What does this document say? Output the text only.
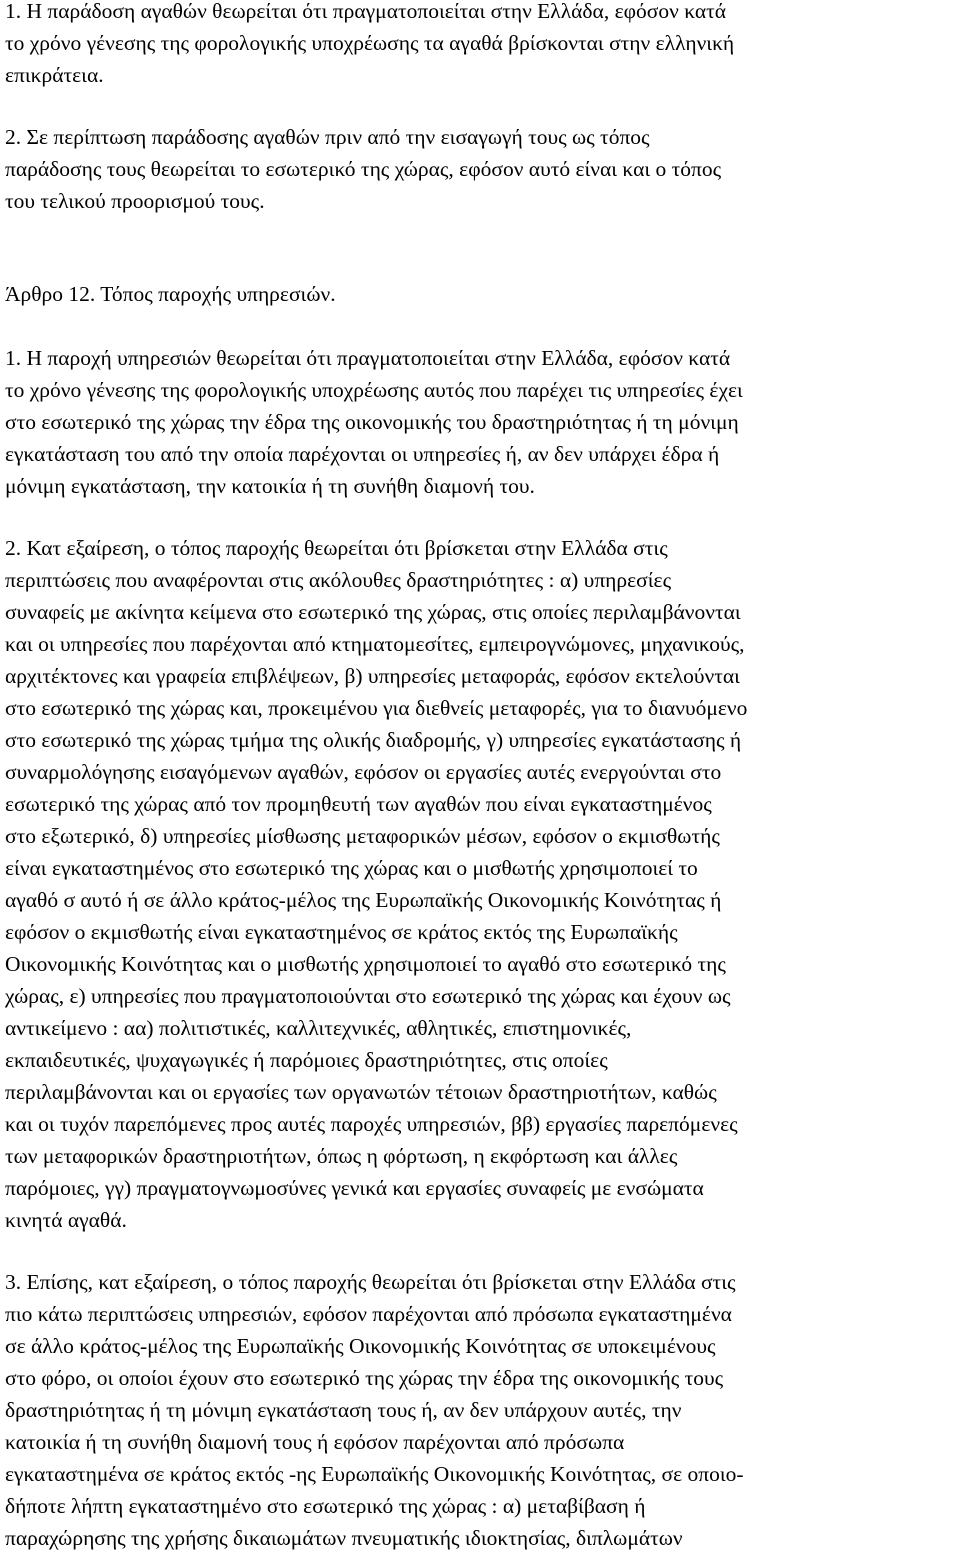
1. Η παράδοση αγαθών θεωρείται ότι πραγματοποιείται στην Ελλάδα, εφόσον κατά
το χρόνο γένεσης της φορολογικής υποχρέωσης τα αγαθά βρίσκονται στην ελληνική
επικράτεια.
2. Σε περίπτωση παράδοσης αγαθών πριν από την εισαγωγή τους ως τόπος
παράδοσης τους θεωρείται το εσωτερικό της χώρας, εφόσον αυτό είναι και ο τόπος
του τελικού προορισμού τους.
Άρθρο 12. Τόπος παροχής υπηρεσιών.
1. Η παροχή υπηρεσιών θεωρείται ότι πραγματοποιείται στην Ελλάδα, εφόσον κατά
το χρόνο γένεσης της φορολογικής υποχρέωσης αυτός που παρέχει τις υπηρεσίες έχει
στο εσωτερικό της χώρας την έδρα της οικονομικής του δραστηριότητας ή τη μόνιμη
εγκατάσταση του από την οποία παρέχονται οι υπηρεσίες ή, αν δεν υπάρχει έδρα ή
μόνιμη εγκατάσταση, την κατοικία ή τη συνήθη διαμονή του.
2. Κατ εξαίρεση, ο τόπος παροχής θεωρείται ότι βρίσκεται στην Ελλάδα στις
περιπτώσεις που αναφέρονται στις ακόλουθες δραστηριότητες : α) υπηρεσίες
συναφείς με ακίνητα κείμενα στο εσωτερικό της χώρας, στις οποίες περιλαμβάνονται
και οι υπηρεσίες που παρέχονται από κτηματομεσίτες, εμπειρογνώμονες, μηχανικούς,
αρχιτέκτονες και γραφεία επιβλέψεων, β) υπηρεσίες μεταφοράς, εφόσον εκτελούνται
στο εσωτερικό της χώρας και, προκειμένου για διεθνείς μεταφορές, για το διανυόμενο
στο εσωτερικό της χώρας τμήμα της ολικής διαδρομής, γ) υπηρεσίες εγκατάστασης ή
συναρμολόγησης εισαγόμενων αγαθών, εφόσον οι εργασίες αυτές ενεργούνται στο
εσωτερικό της χώρας από τον προμηθευτή των αγαθών που είναι εγκαταστημένος
στο εξωτερικό, δ) υπηρεσίες μίσθωσης μεταφορικών μέσων, εφόσον ο εκμισθωτής
είναι εγκαταστημένος στο εσωτερικό της χώρας και ο μισθωτής χρησιμοποιεί το
αγαθό σ αυτό ή σε άλλο κράτος-μέλος της Ευρωπαϊκής Οικονομικής Κοινότητας ή
εφόσον ο εκμισθωτής είναι εγκαταστημένος σε κράτος εκτός της Ευρωπαϊκής
Οικονομικής Κοινότητας και ο μισθωτής χρησιμοποιεί το αγαθό στο εσωτερικό της
χώρας, ε) υπηρεσίες που πραγματοποιούνται στο εσωτερικό της χώρας και έχουν ως
αντικείμενο : αα) πολιτιστικές, καλλιτεχνικές, αθλητικές, επιστημονικές,
εκπαιδευτικές, ψυχαγωγικές ή παρόμοιες δραστηριότητες, στις οποίες
περιλαμβάνονται και οι εργασίες των οργανωτών τέτοιων δραστηριοτήτων, καθώς
και οι τυχόν παρεπόμενες προς αυτές παροχές υπηρεσιών, ββ) εργασίες παρεπόμενες
των μεταφορικών δραστηριοτήτων, όπως η φόρτωση, η εκφόρτωση και άλλες
παρόμοιες, γγ) πραγματογνωμοσύνες γενικά και εργασίες συναφείς με ενσώματα
κινητά αγαθά.
3. Επίσης, κατ εξαίρεση, ο τόπος παροχής θεωρείται ότι βρίσκεται στην Ελλάδα στις
πιο κάτω περιπτώσεις υπηρεσιών, εφόσον παρέχονται από πρόσωπα εγκαταστημένα
σε άλλο κράτος-μέλος της Ευρωπαϊκής Οικονομικής Κοινότητας σε υποκειμένους
στο φόρο, οι οποίοι έχουν στο εσωτερικό της χώρας την έδρα της οικονομικής τους
δραστηριότητας ή τη μόνιμη εγκατάσταση τους ή, αν δεν υπάρχουν αυτές, την
κατοικία ή τη συνήθη διαμονή τους ή εφόσον παρέχονται από πρόσωπα
εγκαταστημένα σε κράτος εκτός -ης Ευρωπαϊκής Οικονομικής Κοινότητας, σε οποιο-
δήποτε λήπτη εγκαταστημένο στο εσωτερικό της χώρας : α) μεταβίβαση ή
παραχώρησης της χρήσης δικαιωμάτων πνευματικής ιδιοκτησίας, διπλωμάτων
